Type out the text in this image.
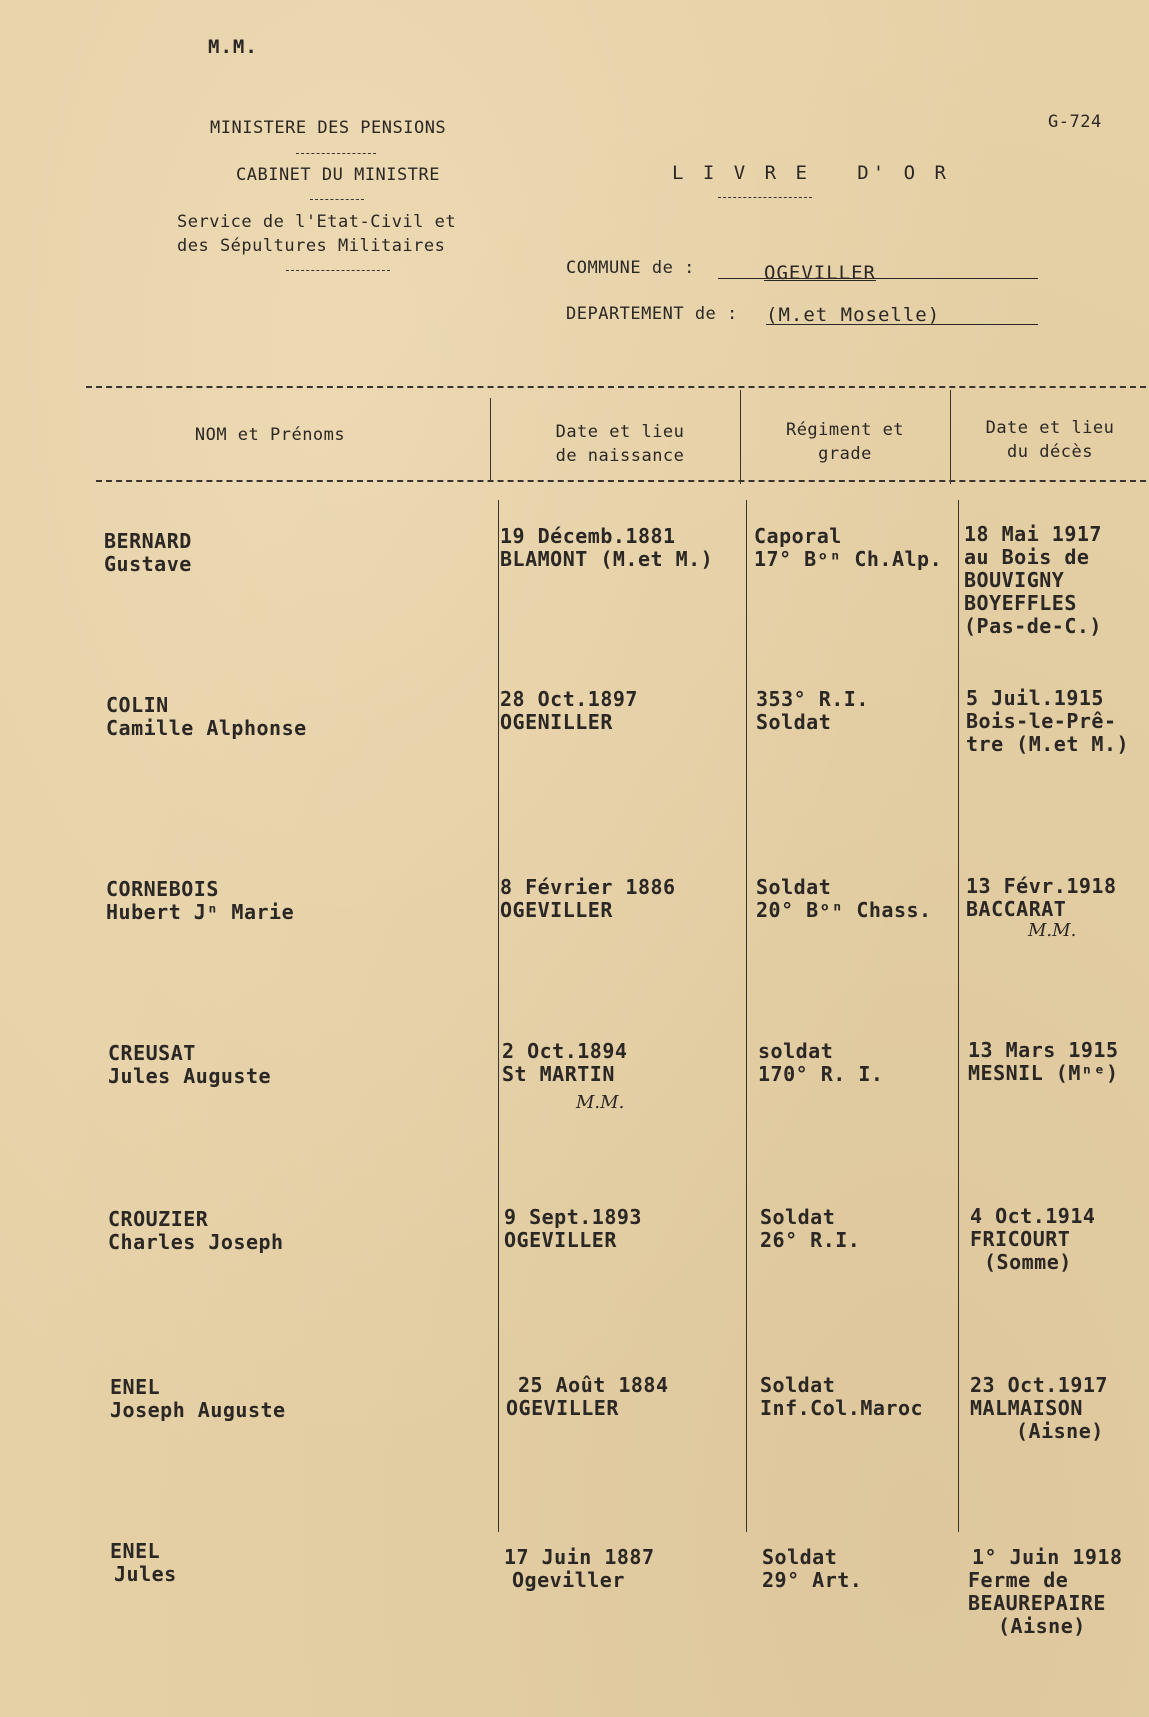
M.M.
MINISTERE DES PENSIONS
CABINET DU MINISTRE
Service de l'Etat-Civil et
des Sépultures Militaires
G-724
L I V R E   D' O R
COMMUNE de :	OGEVILLER
DEPARTEMENT de : (M.et Moselle)
NOM et Prénoms	Date et lieu
de naissance
Régiment et
grade
Date et lieu
du décès
BERNARD
Gustave
19 Décemb.1881
BLAMONT (M.et M.)
Caporal
17° Bᵒⁿ Ch.Alp.
18 Mai 1917
au Bois de
BOUVIGNY
BOYEFFLES
(Pas-de-C.)
COLIN
Camille Alphonse
28 Oct.1897
OGENILLER
353° R.I.
Soldat
5 Juil.1915
Bois-le-Prê-
tre (M.et M.)
CORNEBOIS
Hubert Jⁿ Marie
8 Février 1886
OGEVILLER
Soldat
20° Bᵒⁿ Chass.
13 Févr.1918
BACCARAT
M.M.
CREUSAT
Jules Auguste
2 Oct.1894
St MARTIN
soldat
170° R. I.
13 Mars 1915
MESNIL (Mⁿᵉ)
M.M.
CROUZIER
Charles Joseph
9 Sept.1893
OGEVILLER
Soldat
26° R.I.
4 Oct.1914
FRICOURT
(Somme)
ENEL
Joseph Auguste
25 Août 1884
OGEVILLER
Soldat
Inf.Col.Maroc
23 Oct.1917
MALMAISON
(Aisne)
ENEL
Jules
17 Juin 1887
Ogeviller
Soldat
29° Art.
1° Juin 1918
Ferme de
BEAUREPAIRE
(Aisne)
